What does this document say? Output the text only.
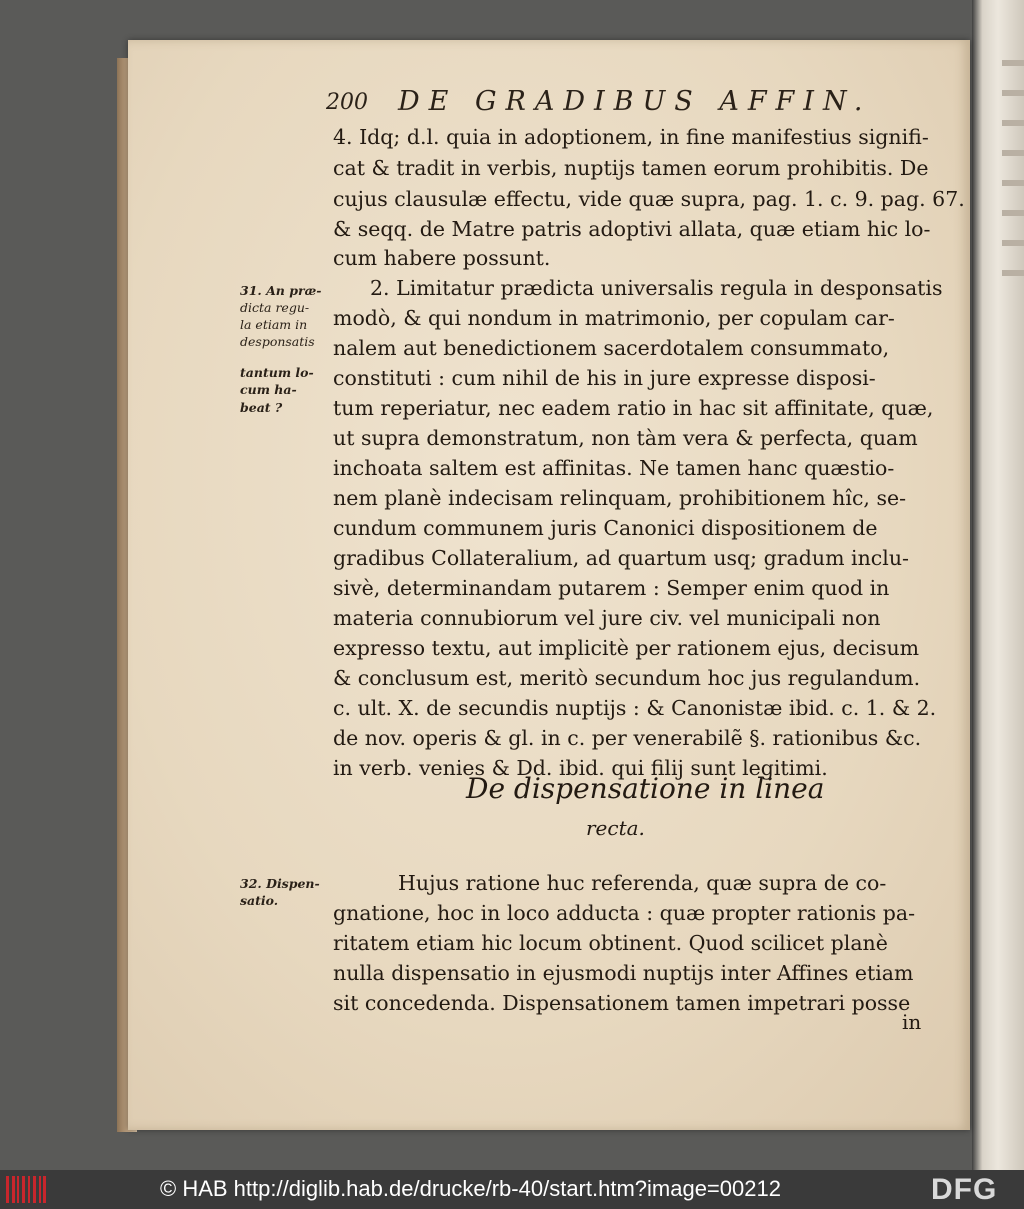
200 DE GRADIBUS AFFIN.
4. Idq; d.l. quia in adoptionem, in fine manifestius signifi-
cat & tradit in verbis, nuptijs tamen eorum prohibitis. De
cujus clausulæ effectu, vide quæ supra, pag. 1. c. 9. pag. 67.
& seqq. de Matre patris adoptivi allata, quæ etiam hic lo-
cum habere possunt.
2. Limitatur prædicta universalis regula in desponsatis
modò, & qui nondum in matrimonio, per copulam car-
nalem aut benedictionem sacerdotalem consummato,
constituti : cum nihil de his in jure expresse disposi-
tum reperiatur, nec eadem ratio in hac sit affinitate, quæ,
ut supra demonstratum, non tàm vera & perfecta, quam
inchoata saltem est affinitas. Ne tamen hanc quæstio-
nem planè indecisam relinquam, prohibitionem hîc, se-
cundum communem juris Canonici dispositionem de
gradibus Collateralium, ad quartum usq; gradum inclu-
sivè, determinandam putarem : Semper enim quod in
materia connubiorum vel jure civ. vel municipali non
expresso textu, aut implicitè per rationem ejus, decisum
& conclusum est, meritò secundum hoc jus regulandum.
c. ult. X. de secundis nuptijs : & Canonistæ ibid. c. 1. & 2.
de nov. operis & gl. in c. per venerabilẽ §. rationibus &c.
in verb. venies & Dd. ibid. qui filij sunt legitimi.
De dispensatione in linea
recta.
Hujus ratione huc referenda, quæ supra de co-
gnatione, hoc in loco adducta : quæ propter rationis pa-
ritatem etiam hic locum obtinent. Quod scilicet planè
nulla dispensatio in ejusmodi nuptijs inter Affines etiam
sit concedenda. Dispensationem tamen impetrari posse
in
31. An præ-
dicta regu-
la etiam in
desponsatis
tantum lo-
cum ha-
beat ?
32. Dispen-
satio.
© HAB http://diglib.hab.de/drucke/rb-40/start.htm?image=00212	DFG
